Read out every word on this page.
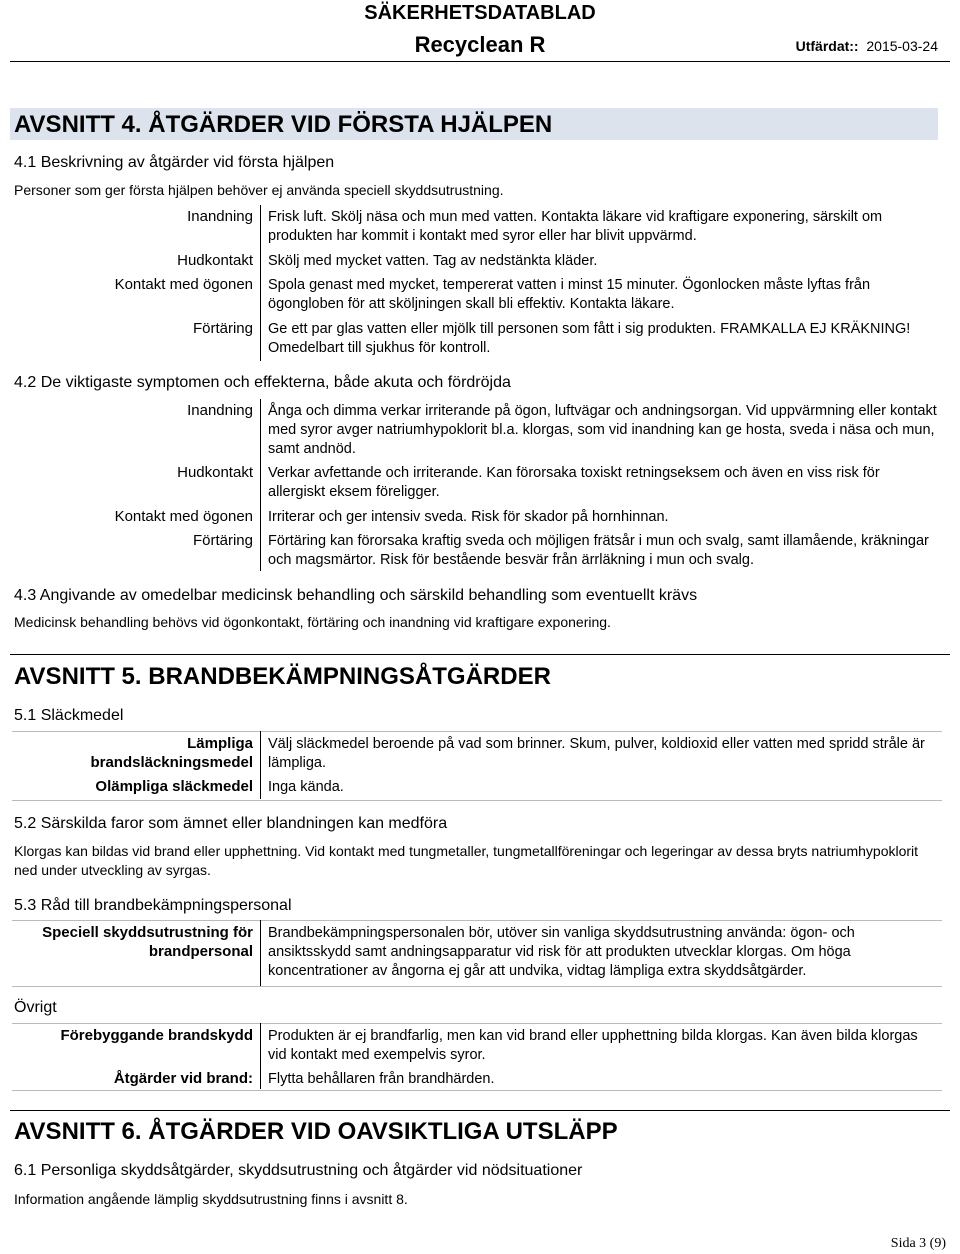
SÄKERHETSDATABLAD
Recyclean R	Utfärdat:: 2015-03-24
AVSNITT 4. ÅTGÄRDER VID FÖRSTA HJÄLPEN
4.1 Beskrivning av åtgärder vid första hjälpen
Personer som ger första hjälpen behöver ej använda speciell skyddsutrustning.
Inandning Frisk luft. Skölj näsa och mun med vatten. Kontakta läkare vid kraftigare exponering, särskilt om produkten har kommit i kontakt med syror eller har blivit uppvärmd.
Hudkontakt Skölj med mycket vatten. Tag av nedstänkta kläder.
Kontakt med ögonen Spola genast med mycket, tempererat vatten i minst 15 minuter. Ögonlocken måste lyftas från ögongloben för att sköljningen skall bli effektiv. Kontakta läkare.
Förtäring Ge ett par glas vatten eller mjölk till personen som fått i sig produkten. FRAMKALLA EJ KRÄKNING! Omedelbart till sjukhus för kontroll.
4.2 De viktigaste symptomen och effekterna, både akuta och fördröjda
Inandning Ånga och dimma verkar irriterande på ögon, luftvägar och andningsorgan. Vid uppvärmning eller kontakt med syror avger natriumhypoklorit bl.a. klorgas, som vid inandning kan ge hosta, sveda i näsa och mun, samt andnöd.
Hudkontakt Verkar avfettande och irriterande. Kan förorsaka toxiskt retningseksem och även en viss risk för allergiskt eksem föreligger.
Kontakt med ögonen Irriterar och ger intensiv sveda. Risk för skador på hornhinnan.
Förtäring Förtäring kan förorsaka kraftig sveda och möjligen frätsår i mun och svalg, samt illamående, kräkningar och magsmärtor. Risk för bestående besvär från ärrläkning i mun och svalg.
4.3 Angivande av omedelbar medicinsk behandling och särskild behandling som eventuellt krävs
Medicinsk behandling behövs vid ögonkontakt, förtäring och inandning vid kraftigare exponering.
AVSNITT 5. BRANDBEKÄMPNINGSÅTGÄRDER
5.1 Släckmedel
Lämpliga
brandsläckningsmedel
Välj släckmedel beroende på vad som brinner. Skum, pulver, koldioxid eller vatten med spridd stråle är lämpliga.
Olämpliga släckmedel Inga kända.
5.2 Särskilda faror som ämnet eller blandningen kan medföra
Klorgas kan bildas vid brand eller upphettning. Vid kontakt med tungmetaller, tungmetallföreningar och legeringar av dessa bryts natriumhypoklorit ned under utveckling av syrgas.
5.3 Råd till brandbekämpningspersonal
Speciell skyddsutrustning för
brandpersonal
Brandbekämpningspersonalen bör, utöver sin vanliga skyddsutrustning använda: ögon- och ansiktsskydd samt andningsapparatur vid risk för att produkten utvecklar klorgas. Om höga koncentrationer av ångorna ej går att undvika, vidtag lämpliga extra skyddsåtgärder.
Övrigt
Förebyggande brandskydd Produkten är ej brandfarlig, men kan vid brand eller upphettning bilda klorgas. Kan även bilda klorgas vid kontakt med exempelvis syror.
Åtgärder vid brand: Flytta behållaren från brandhärden.
AVSNITT 6. ÅTGÄRDER VID OAVSIKTLIGA UTSLÄPP
6.1 Personliga skyddsåtgärder, skyddsutrustning och åtgärder vid nödsituationer
Information angående lämplig skyddsutrustning finns i avsnitt 8.
Sida 3 (9)
